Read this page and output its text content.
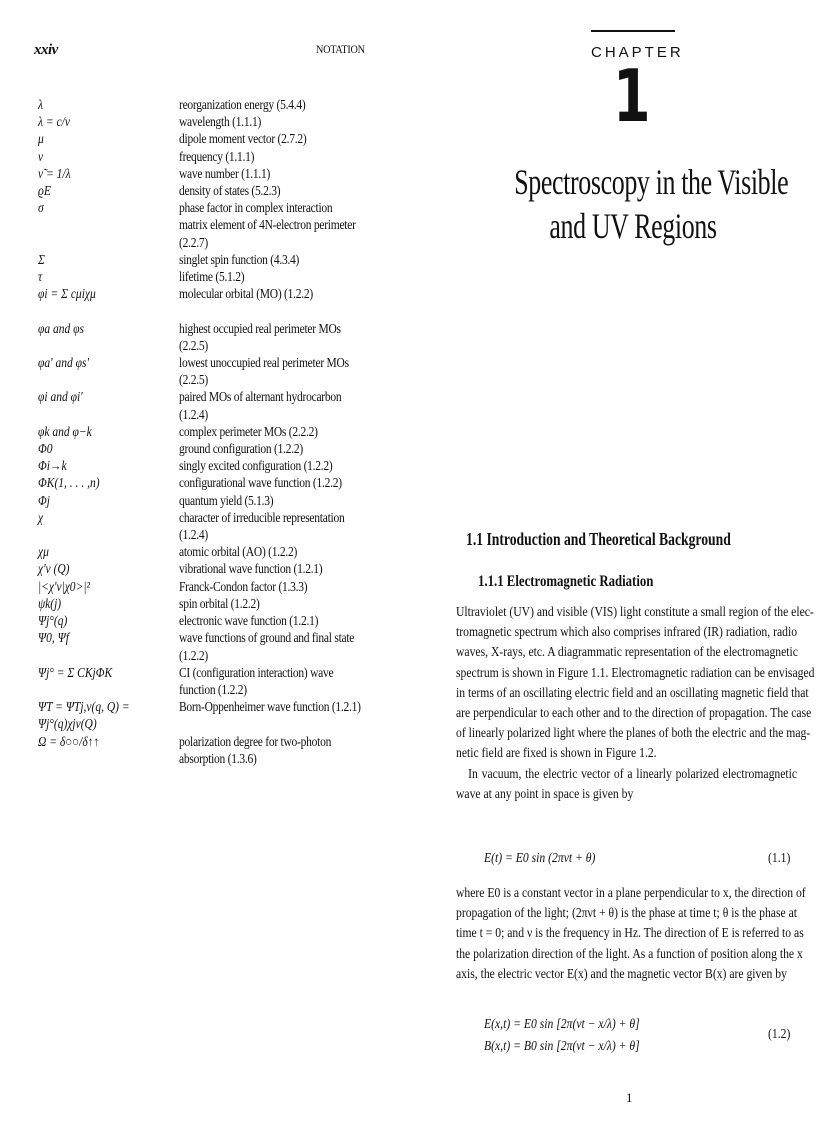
xxiv	NOTATION
λ	reorganization energy (5.4.4)
λ = c/ν	wavelength (1.1.1)
μ	dipole moment vector (2.7.2)
ν	frequency (1.1.1)
ν̃ = 1/λ	wave number (1.1.1)
ϱE	density of states (5.2.3)
σ	phase factor in complex interaction
matrix element of 4N-electron perimeter
(2.2.7)
Σ	singlet spin function (4.3.4)
τ	lifetime (5.1.2)
φi = Σ cμiχμ	molecular orbital (MO) (1.2.2)

φa and φs	highest occupied real perimeter MOs
(2.2.5)
φa' and φs'	lowest unoccupied real perimeter MOs
(2.2.5)
φi and φi'	paired MOs of alternant hydrocarbon
(1.2.4)
φk and φ−k	complex perimeter MOs (2.2.2)
Φ0	ground configuration (1.2.2)
Φi→k	singly excited configuration (1.2.2)
ΦK(1, . . . ,n)	configurational wave function (1.2.2)
Φj	quantum yield (5.1.3)
χ	character of irreducible representation
(1.2.4)
χμ	atomic orbital (AO) (1.2.2)
χ'v (Q)	vibrational wave function (1.2.1)
|<χ'v|χ0>|²	Franck-Condon factor (1.3.3)
ψk(j)	spin orbital (1.2.2)
Ψj°(q)	electronic wave function (1.2.1)
Ψ0, Ψf	wave functions of ground and final state
(1.2.2)
Ψj° = Σ CKjΦK	CI (configuration interaction) wave
function (1.2.2)
ΨT = ΨTj,v(q, Q) =	Born-Oppenheimer wave function (1.2.1)
Ψj°(q)χjv(Q)

Ω = δ○○/δ↑↑	polarization degree for two-photon
absorption (1.3.6)
CHAPTER
1
Spectroscopy in the Visible
and UV Regions
1.1 Introduction and Theoretical Background
1.1.1 Electromagnetic Radiation
Ultraviolet (UV) and visible (VIS) light constitute a small region of the elec-
tromagnetic spectrum which also comprises infrared (IR) radiation, radio
waves, X-rays, etc. A diagrammatic representation of the electromagnetic
spectrum is shown in Figure 1.1. Electromagnetic radiation can be envisaged
in terms of an oscillating electric field and an oscillating magnetic field that
are perpendicular to each other and to the direction of propagation. The case
of linearly polarized light where the planes of both the electric and the mag-
netic field are fixed is shown in Figure 1.2.
In vacuum, the electric vector of a linearly polarized electromagnetic
wave at any point in space is given by
E(t) = E0 sin (2πνt + θ)	(1.1)
where E0 is a constant vector in a plane perpendicular to x, the direction of
propagation of the light; (2πνt + θ) is the phase at time t; θ is the phase at
time t = 0; and ν is the frequency in Hz. The direction of E is referred to as
the polarization direction of the light. As a function of position along the x
axis, the electric vector E(x) and the magnetic vector B(x) are given by
E(x,t) = E0 sin [2π(νt − x/λ) + θ]
B(x,t) = B0 sin [2π(νt − x/λ) + θ]
(1.2)
1
